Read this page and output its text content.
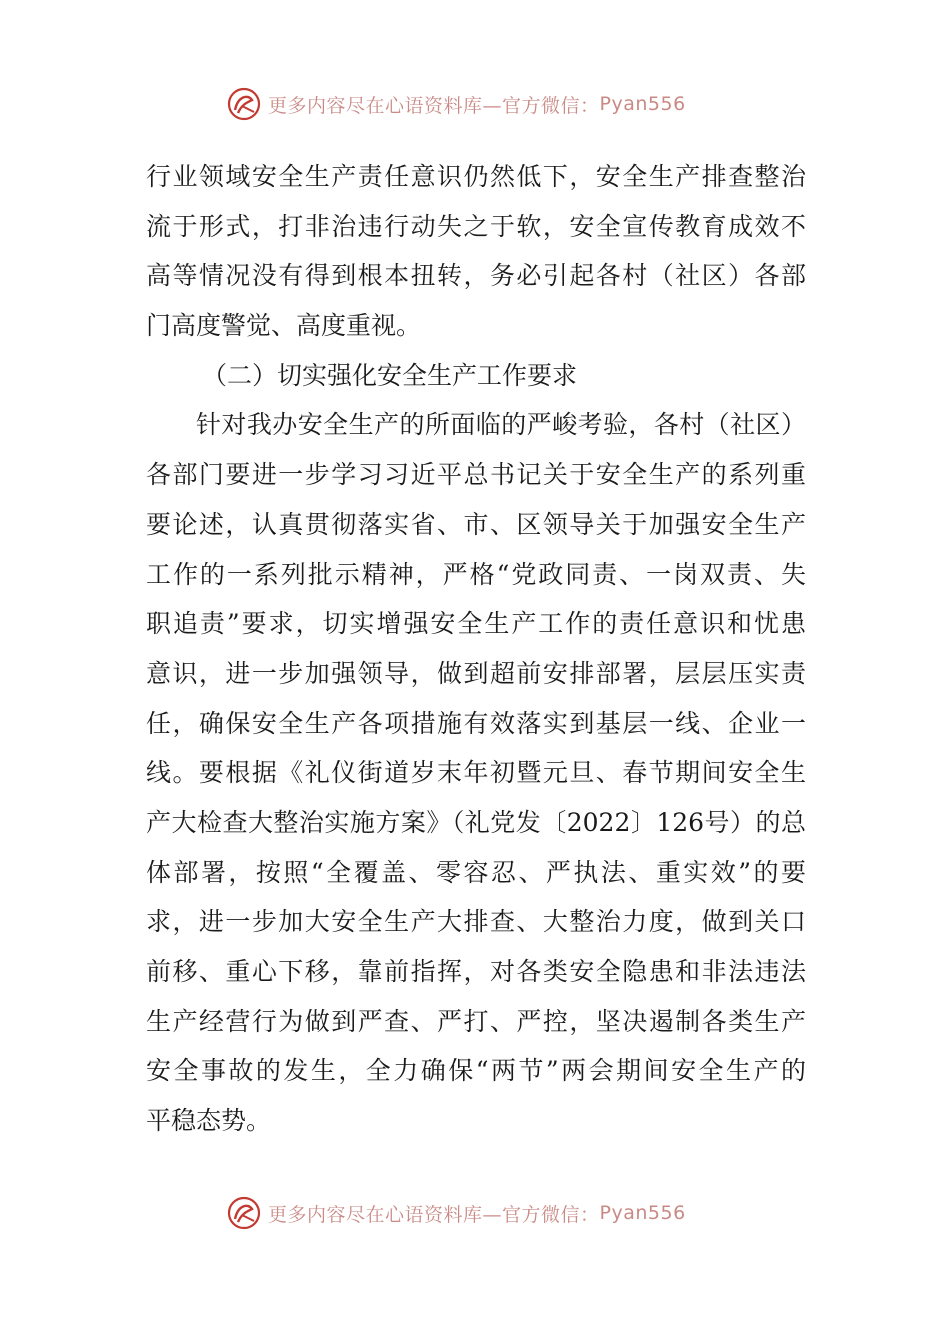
更多内容尽在心语资料库—官方微信： Pyan556
行业领域安全生产责任意识仍然低下，安全生产排查整治
流于形式，打非治违行动失之于软，安全宣传教育成效不
高等情况没有得到根本扭转，务必引起各村（社区）各部
门高度警觉、高度重视。
（二）切实强化安全生产工作要求
针对我办安全生产的所面临的严峻考验，各村（社区）
各部门要进一步学习习近平总书记关于安全生产的系列重
要论述，认真贯彻落实省、市、区领导关于加强安全生产
工作的一系列批示精神，严格“党政同责、一岗双责、失
职追责”要求，切实增强安全生产工作的责任意识和忧患
意识，进一步加强领导，做到超前安排部署，层层压实责
任，确保安全生产各项措施有效落实到基层一线、企业一
线。要根据《礼仪街道岁末年初暨元旦、春节期间安全生
产大检查大整治实施方案》（礼党发〔2022〕126号）的总
体部署，按照“全覆盖、零容忍、严执法、重实效”的要
求，进一步加大安全生产大排查、大整治力度，做到关口
前移、重心下移，靠前指挥，对各类安全隐患和非法违法
生产经营行为做到严查、严打、严控，坚决遏制各类生产
安全事故的发生，全力确保“两节”两会期间安全生产的
平稳态势。
更多内容尽在心语资料库—官方微信： Pyan556
